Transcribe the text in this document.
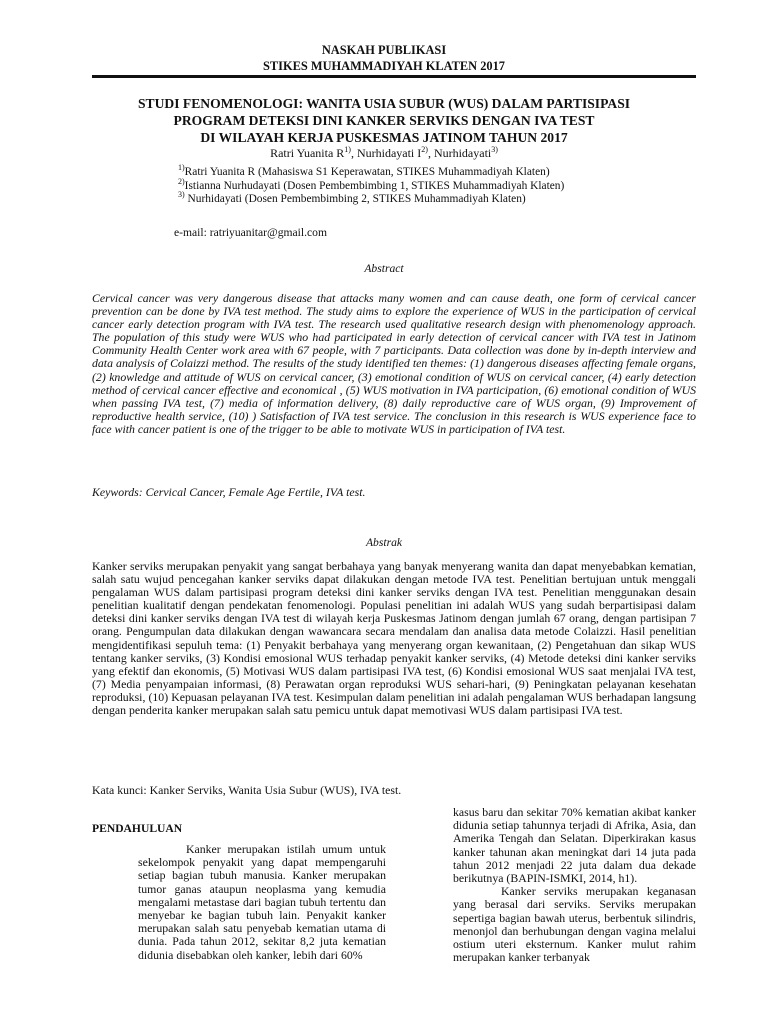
NASKAH PUBLIKASI
STIKES MUHAMMADIYAH KLATEN 2017
STUDI FENOMENOLOGI: WANITA USIA SUBUR (WUS) DALAM PARTISIPASI
PROGRAM DETEKSI DINI KANKER SERVIKS DENGAN IVA TEST
DI WILAYAH KERJA PUSKESMAS JATINOM TAHUN 2017
Ratri Yuanita $R^{1)}$, Nurhidayati $I^{2)}$, Nurhidayati$^{3)}$
$^{1)}$Ratri Yuanita R (Mahasiswa S1 Keperawatan, STIKES Muhammadiyah Klaten)
$^{2)}$Istianna Nurhudayati (Dosen Pembembimbing 1, STIKES Muhammadiyah Klaten)
$^{3)}$ Nurhidayati (Dosen Pembembimbing 2, STIKES Muhammadiyah Klaten)
e-mail: ratriyuanitar@gmail.com
Abstract
Cervical cancer was very dangerous disease that attacks many women and can cause death, one form of cervical cancer prevention can be done by IVA test method. The study aims to explore the experience of WUS in the participation of cervical cancer early detection program with IVA test. The research used qualitative research design with phenomenology approach. The population of this study were WUS who had participated in early detection of cervical cancer with IVA test in Jatinom Community Health Center work area with 67 people, with 7 participants. Data collection was done by in-depth interview and data analysis of Colaizzi method. The results of the study identified ten themes: (1) dangerous diseases affecting female organs, (2) knowledge and attitude of WUS on cervical cancer, (3) emotional condition of WUS on cervical cancer, (4) early detection method of cervical cancer effective and economical , (5) WUS motivation in IVA participation, (6) emotional condition of WUS when passing IVA test, (7) media of information delivery, (8) daily reproductive care of WUS organ, (9) Improvement of reproductive health service, (10) ) Satisfaction of IVA test service. The conclusion in this research is WUS experience face to face with cancer patient is one of the trigger to be able to motivate WUS in participation of IVA test.
Keywords: Cervical Cancer, Female Age Fertile, IVA test.
Abstrak
Kanker serviks merupakan penyakit yang sangat berbahaya yang banyak menyerang wanita dan dapat menyebabkan kematian, salah satu wujud pencegahan kanker serviks dapat dilakukan dengan metode IVA test. Penelitian bertujuan untuk menggali pengalaman WUS dalam partisipasi program deteksi dini kanker serviks dengan IVA test. Penelitian menggunakan desain penelitian kualitatif dengan pendekatan fenomenologi. Populasi penelitian ini adalah WUS yang sudah berpartisipasi dalam deteksi dini kanker serviks dengan IVA test di wilayah kerja Puskesmas Jatinom dengan jumlah 67 orang, dengan partisipan 7 orang. Pengumpulan data dilakukan dengan wawancara secara mendalam dan analisa data metode Colaizzi. Hasil penelitian mengidentifikasi sepuluh tema: (1) Penyakit berbahaya yang menyerang organ kewanitaan, (2) Pengetahuan dan sikap WUS tentang kanker serviks, (3) Kondisi emosional WUS terhadap penyakit kanker serviks, (4) Metode deteksi dini kanker serviks yang efektif dan ekonomis, (5) Motivasi WUS dalam partisipasi IVA test, (6) Kondisi emosional WUS saat menjalai IVA test, (7) Media penyampaian informasi, (8) Perawatan organ reproduksi WUS sehari-hari, (9) Peningkatan pelayanan kesehatan reproduksi, (10) Kepuasan pelayanan IVA test. Kesimpulan dalam penelitian ini adalah pengalaman WUS berhadapan langsung dengan penderita kanker merupakan salah satu pemicu untuk dapat memotivasi WUS dalam partisipasi IVA test.
Kata kunci: Kanker Serviks, Wanita Usia Subur (WUS), IVA test.
PENDAHULUAN
Kanker merupakan istilah umum untuk sekelompok penyakit yang dapat mempengaruhi setiap bagian tubuh manusia. Kanker merupakan tumor ganas ataupun neoplasma yang kemudia mengalami metastase dari bagian tubuh tertentu dan menyebar ke bagian tubuh lain. Penyakit kanker merupakan salah satu penyebab kematian utama di dunia. Pada tahun 2012, sekitar 8,2 juta kematian didunia disebabkan oleh kanker, lebih dari 60%

kasus baru dan sekitar 70% kematian akibat kanker didunia setiap tahunnya terjadi di Afrika, Asia, dan Amerika Tengah dan Selatan. Diperkirakan kasus kanker tahunan akan meningkat dari 14 juta pada tahun 2012 menjadi 22 juta dalam dua dekade berikutnya (BAPIN-ISMKI, 2014, h1).

Kanker serviks merupakan keganasan yang berasal dari serviks. Serviks merupakan sepertiga bagian bawah uterus, berbentuk silindris, menonjol dan berhubungan dengan vagina melalui ostium uteri eksternum. Kanker mulut rahim merupakan kanker terbanyak
